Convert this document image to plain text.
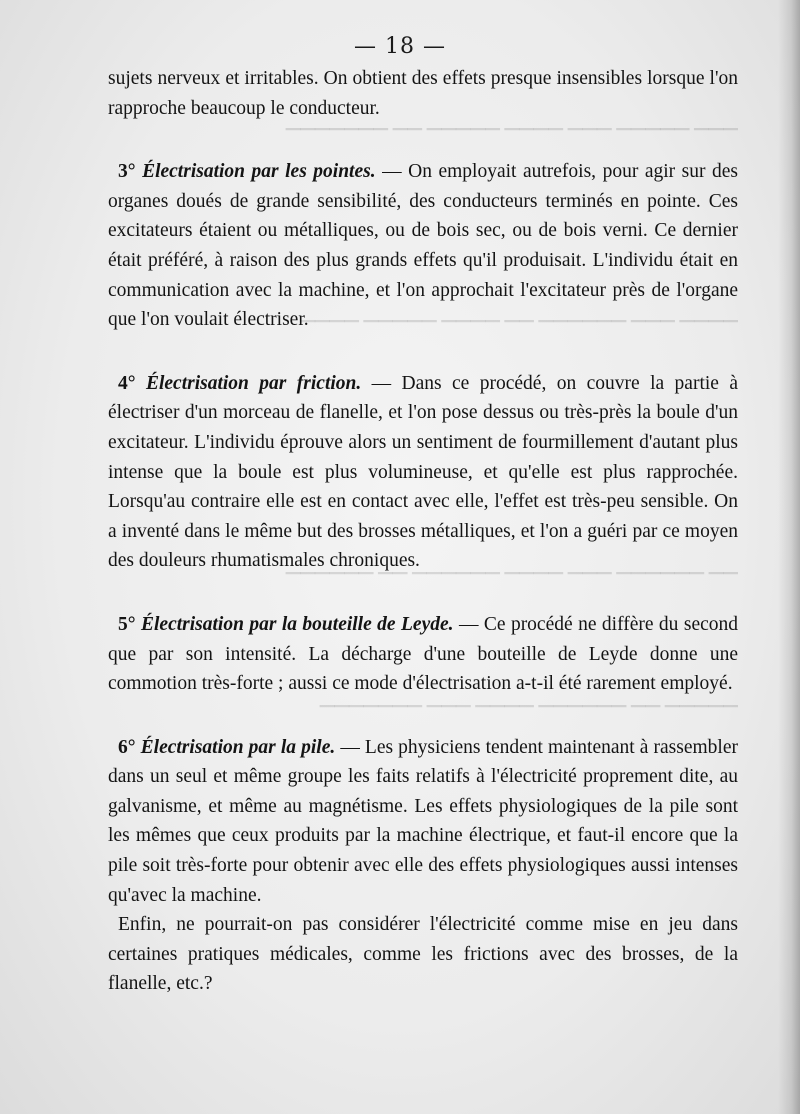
▔▔▔ ▔▔▔▔▔ ▔▔▔ ▔▔▔▔ ▔▔▔▔▔ ▔▔ ▔▔▔▔▔▔▔
▔▔▔▔ ▔▔▔ ▔▔▔▔▔▔ ▔▔ ▔▔▔▔ ▔▔▔▔▔ ▔▔▔▔
▔▔ ▔▔▔▔▔▔ ▔▔▔ ▔▔▔▔ ▔▔▔▔▔▔ ▔▔ ▔▔▔▔▔▔
▔▔▔▔▔ ▔▔ ▔▔▔▔▔▔ ▔▔▔▔ ▔▔▔ ▔▔▔▔▔▔▔
— 18 —

sujets nerveux et irritables. On obtient des effets presque insensibles lorsque l'on rapproche beaucoup le conducteur.

3° Électrisation par les pointes. — On employait autrefois, pour agir sur des organes doués de grande sensibilité, des conducteurs terminés en pointe. Ces excitateurs étaient ou métalliques, ou de bois sec, ou de bois verni. Ce dernier était préféré, à raison des plus grands effets qu'il produisait. L'individu était en communication avec la machine, et l'on approchait l'excitateur près de l'organe que l'on voulait électriser.

4° Électrisation par friction. — Dans ce procédé, on couvre la partie à électriser d'un morceau de flanelle, et l'on pose dessus ou très-près la boule d'un excitateur. L'individu éprouve alors un sentiment de fourmillement d'autant plus intense que la boule est plus volumineuse, et qu'elle est plus rapprochée. Lorsqu'au contraire elle est en contact avec elle, l'effet est très-peu sensible. On a inventé dans le même but des brosses métalliques, et l'on a guéri par ce moyen des douleurs rhumatismales chroniques.

5° Électrisation par la bouteille de Leyde. — Ce procédé ne diffère du second que par son intensité. La décharge d'une bouteille de Leyde donne une commotion très-forte ; aussi ce mode d'électrisation a-t-il été rarement employé.

6° Électrisation par la pile. — Les physiciens tendent maintenant à rassembler dans un seul et même groupe les faits relatifs à l'électricité proprement dite, au galvanisme, et même au magnétisme. Les effets physiologiques de la pile sont les mêmes que ceux produits par la machine électrique, et faut-il encore que la pile soit très-forte pour obtenir avec elle des effets physiologiques aussi intenses qu'avec la machine.

Enfin, ne pourrait-on pas considérer l'électricité comme mise en jeu dans certaines pratiques médicales, comme les frictions avec des brosses, de la flanelle, etc.?
